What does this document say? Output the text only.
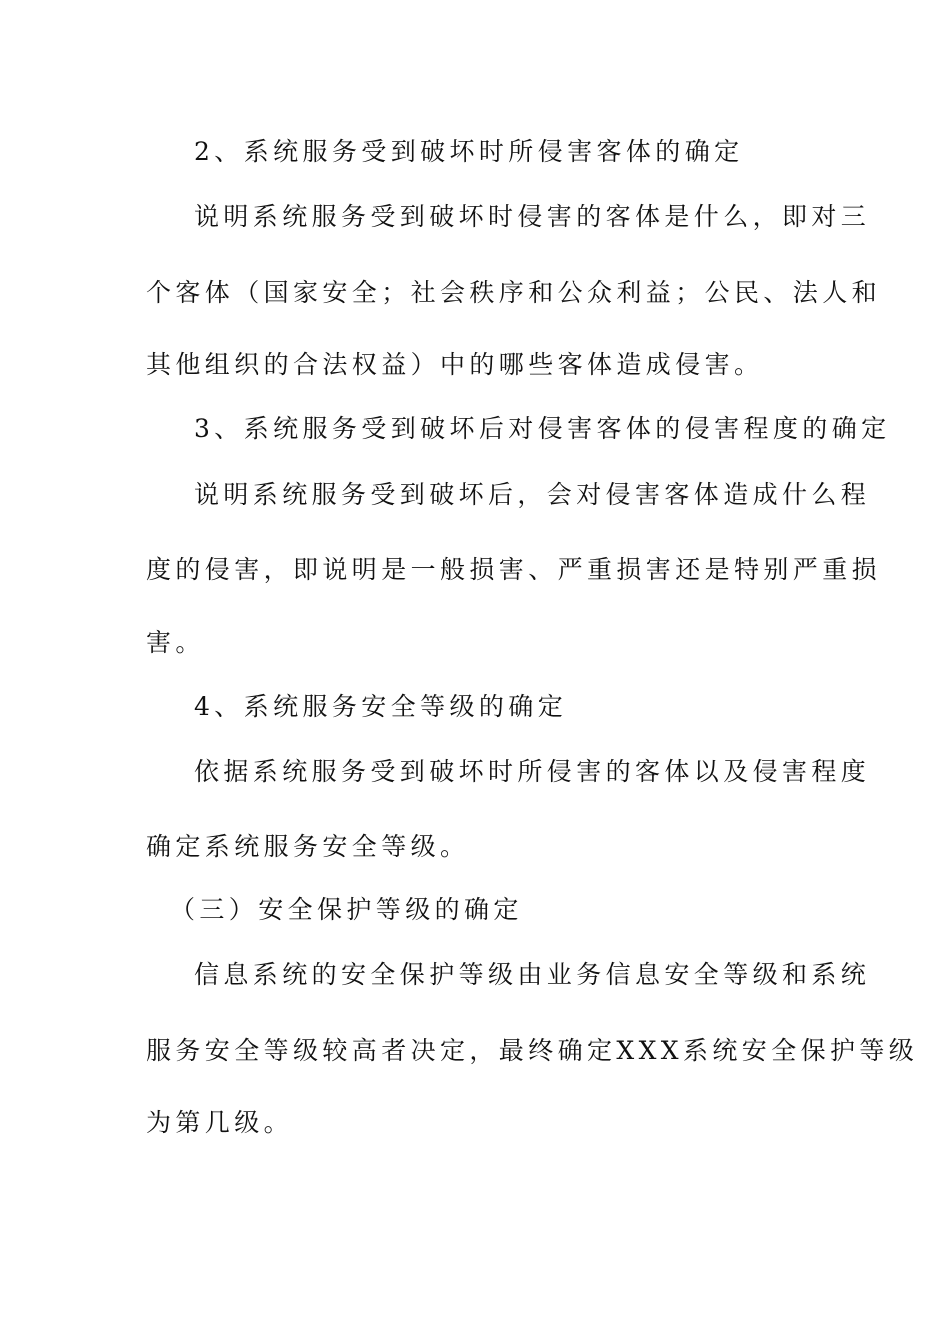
2、系统服务受到破坏时所侵害客体的确定
说明系统服务受到破坏时侵害的客体是什么，即对三
个客体（国家安全；社会秩序和公众利益；公民、法人和
其他组织的合法权益）中的哪些客体造成侵害。
3、系统服务受到破坏后对侵害客体的侵害程度的确定
说明系统服务受到破坏后，会对侵害客体造成什么程
度的侵害，即说明是一般损害、严重损害还是特别严重损
害。
4、系统服务安全等级的确定
依据系统服务受到破坏时所侵害的客体以及侵害程度
确定系统服务安全等级。
（三）安全保护等级的确定
信息系统的安全保护等级由业务信息安全等级和系统
服务安全等级较高者决定，最终确定XXX系统安全保护等级
为第几级。
